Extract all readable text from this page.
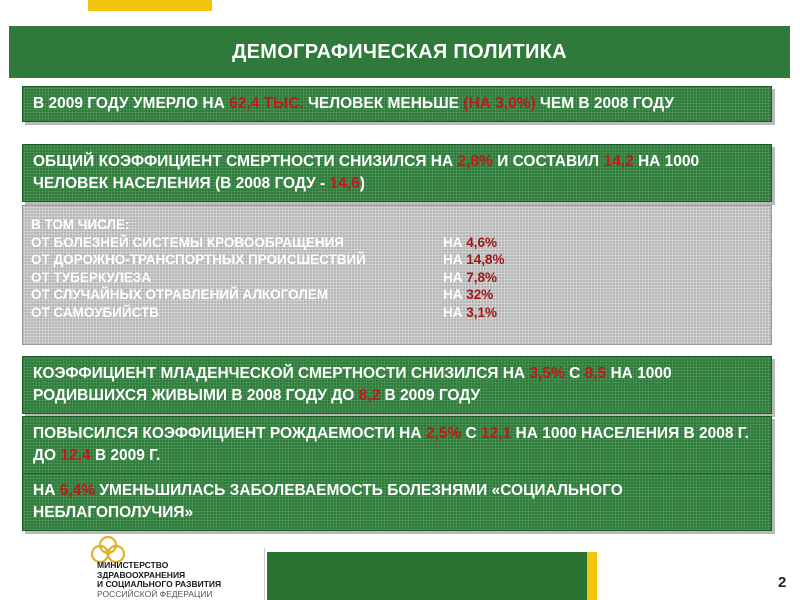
ДЕМОГРАФИЧЕСКАЯ ПОЛИТИКА
В 2009 ГОДУ УМЕРЛО НА 62,4 ТЫС. ЧЕЛОВЕК МЕНЬШЕ (НА 3,0%) ЧЕМ В 2008 ГОДУ
ОБЩИЙ КОЭФФИЦИЕНТ СМЕРТНОСТИ СНИЗИЛСЯ НА 2,8% И СОСТАВИЛ 14,2 НА 1000 ЧЕЛОВЕК НАСЕЛЕНИЯ (В 2008 ГОДУ - 14,6)
В ТОМ ЧИСЛЕ:
ОТ БОЛЕЗНЕЙ СИСТЕМЫ КРОВООБРАЩЕНИЯ	НА 4,6%
ОТ ДОРОЖНО-ТРАНСПОРТНЫХ ПРОИСШЕСТВИЙ	НА 14,8%
ОТ ТУБЕРКУЛЕЗА	НА 7,8%
ОТ СЛУЧАЙНЫХ ОТРАВЛЕНИЙ АЛКОГОЛЕМ	НА 32%
ОТ САМОУБИЙСТВ	НА 3,1%
КОЭФФИЦИЕНТ МЛАДЕНЧЕСКОЙ СМЕРТНОСТИ СНИЗИЛСЯ НА 3,5% С 8,5 НА 1000 РОДИВШИХСЯ ЖИВЫМИ В 2008 ГОДУ ДО 8,2 В 2009 ГОДУ
ПОВЫСИЛСЯ КОЭФФИЦИЕНТ РОЖДАЕМОСТИ НА 2,5% С 12,1 НА 1000 НАСЕЛЕНИЯ В 2008 Г. ДО 12,4 В 2009 Г.
НА 6,4% УМЕНЬШИЛАСЬ ЗАБОЛЕВАЕМОСТЬ БОЛЕЗНЯМИ «СОЦИАЛЬНОГО НЕБЛАГОПОЛУЧИЯ»
МИНИСТЕРСТВО
ЗДРАВООХРАНЕНИЯ
И СОЦИАЛЬНОГО РАЗВИТИЯ
РОССИЙСКОЙ ФЕДЕРАЦИИ
2
